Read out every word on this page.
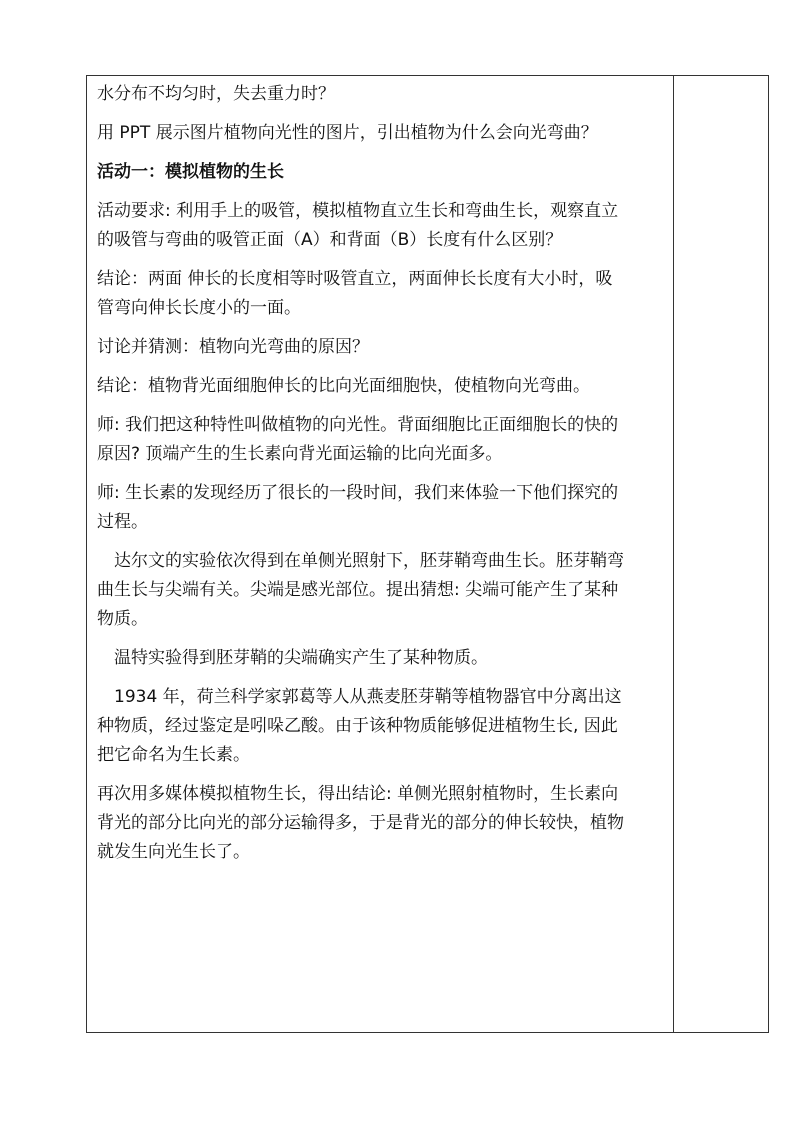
水分布不均匀时，失去重力时？
用 PPT 展示图片植物向光性的图片，引出植物为什么会向光弯曲？
活动一：模拟植物的生长
活动要求: 利用手上的吸管，模拟植物直立生长和弯曲生长，观察直立
的吸管与弯曲的吸管正面（A）和背面（B）长度有什么区别？
结论：两面 伸长的长度相等时吸管直立，两面伸长长度有大小时，吸
管弯向伸长长度小的一面。
讨论并猜测：植物向光弯曲的原因？
结论：植物背光面细胞伸长的比向光面细胞快，使植物向光弯曲。
师: 我们把这种特性叫做植物的向光性。背面细胞比正面细胞长的快的
原因? 顶端产生的生长素向背光面运输的比向光面多。
师: 生长素的发现经历了很长的一段时间，我们来体验一下他们探究的
过程。
达尔文的实验依次得到在单侧光照射下，胚芽鞘弯曲生长。胚芽鞘弯
曲生长与尖端有关。尖端是感光部位。提出猜想: 尖端可能产生了某种
物质。
温特实验得到胚芽鞘的尖端确实产生了某种物质。
1934 年，荷兰科学家郭葛等人从燕麦胚芽鞘等植物器官中分离出这
种物质，经过鉴定是吲哚乙酸。由于该种物质能够促进植物生长, 因此
把它命名为生长素。
再次用多媒体模拟植物生长，得出结论: 单侧光照射植物时，生长素向
背光的部分比向光的部分运输得多，于是背光的部分的伸长较快，植物
就发生向光生长了。
